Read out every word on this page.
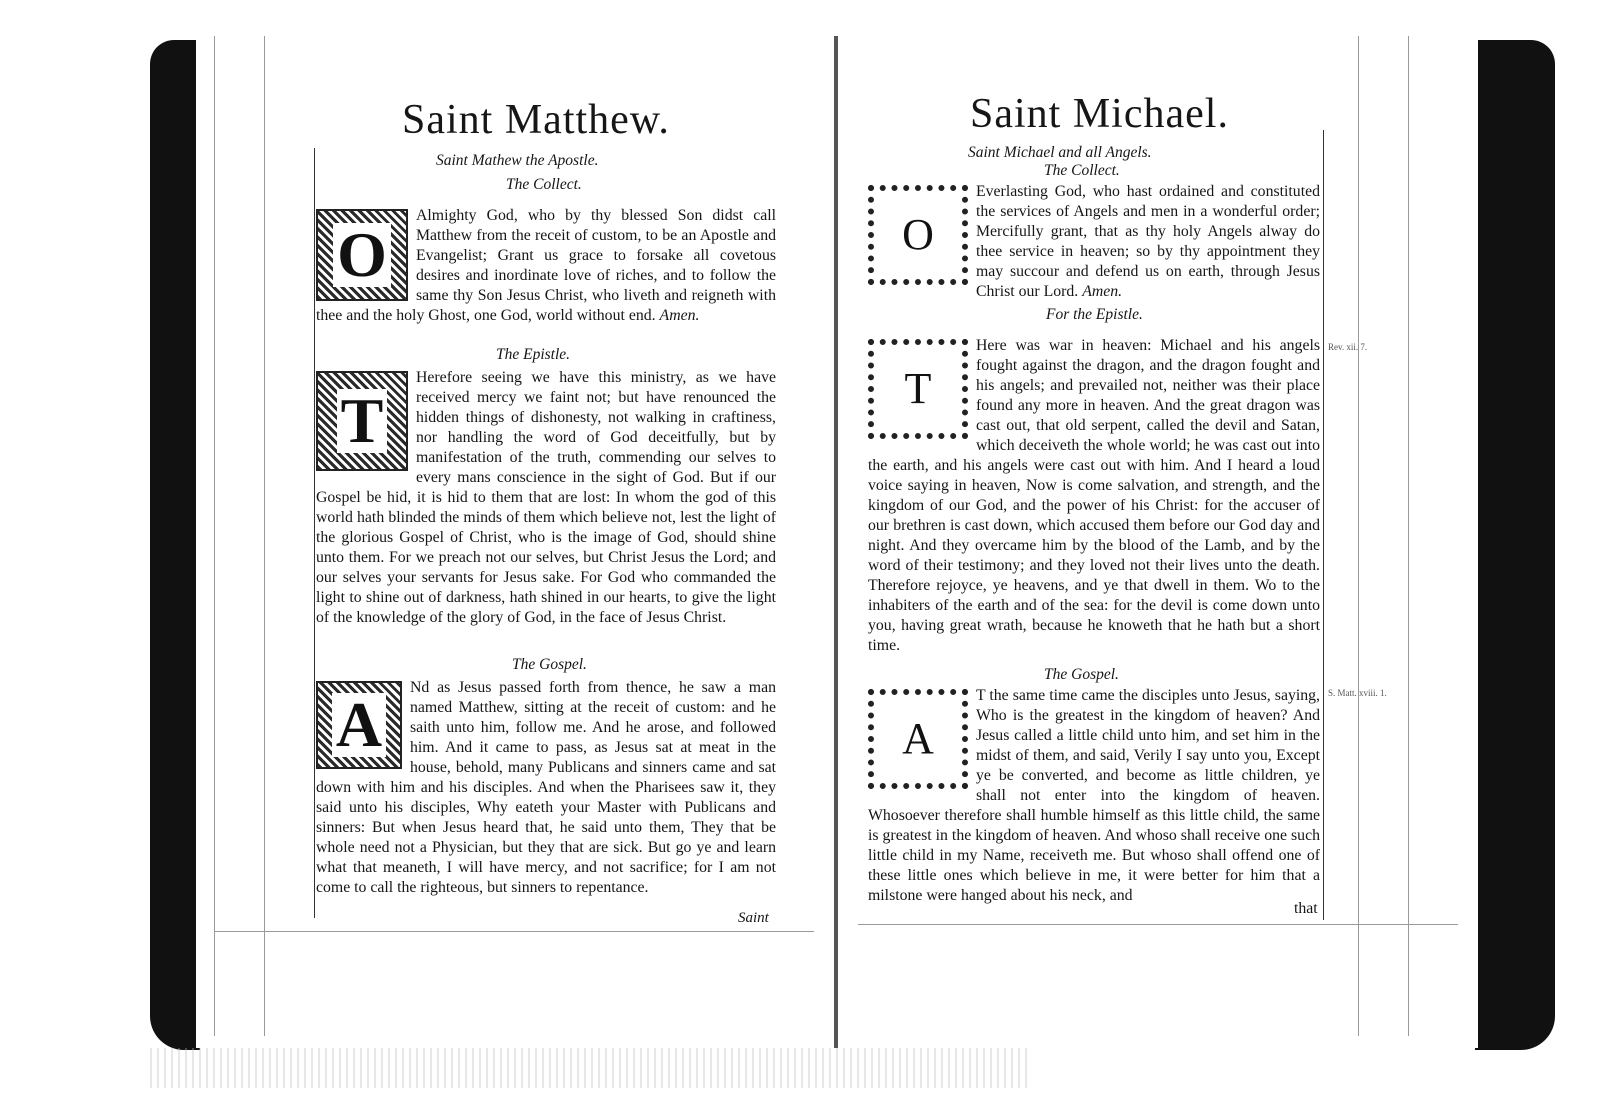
Saint Matthew.
Saint Mathew the Apostle.
The Collect.
O
Almighty God, who by thy blessed Son didst call Matthew from the receit of custom, to be an Apostle and Evangelist; Grant us grace to forsake all covetous desires and inordinate love of riches, and to follow the same thy Son Jesus Christ, who liveth and reigneth with thee and the holy Ghost, one God, world without end. Amen.
The Epistle.
T
Herefore seeing we have this ministry, as we have received mercy we faint not; but have renounced the hidden things of dishonesty, not walking in craftiness, nor handling the word of God deceitfully, but by manifestation of the truth, commending our selves to every mans conscience in the sight of God. But if our Gospel be hid, it is hid to them that are lost: In whom the god of this world hath blinded the minds of them which believe not, lest the light of the glorious Gospel of Christ, who is the image of God, should shine unto them. For we preach not our selves, but Christ Jesus the Lord; and our selves your servants for Jesus sake. For God who commanded the light to shine out of darkness, hath shined in our hearts, to give the light of the knowledge of the glory of God, in the face of Jesus Christ.
The Gospel.
A
Nd as Jesus passed forth from thence, he saw a man named Matthew, sitting at the receit of custom: and he saith unto him, follow me. And he arose, and followed him. And it came to pass, as Jesus sat at meat in the house, behold, many Publicans and sinners came and sat down with him and his disciples. And when the Pharisees saw it, they said unto his disciples, Why eateth your Master with Publicans and sinners: But when Jesus heard that, he said unto them, They that be whole need not a Physician, but they that are sick. But go ye and learn what that meaneth, I will have mercy, and not sacrifice; for I am not come to call the righteous, but sinners to repentance.
Saint
Saint Michael.
Saint Michael and all Angels.
The Collect.
O
Everlasting God, who hast ordained and constituted the services of Angels and men in a wonderful order; Mercifully grant, that as thy holy Angels alway do thee service in heaven; so by thy appointment they may succour and defend us on earth, through Jesus Christ our Lord. Amen.
For the Epistle.
T
Here was war in heaven: Michael and his angels fought against the dragon, and the dragon fought and his angels; and prevailed not, neither was their place found any more in heaven. And the great dragon was cast out, that old serpent, called the devil and Satan, which deceiveth the whole world; he was cast out into the earth, and his angels were cast out with him. And I heard a loud voice saying in heaven, Now is come salvation, and strength, and the kingdom of our God, and the power of his Christ: for the accuser of our brethren is cast down, which accused them before our God day and night. And they overcame him by the blood of the Lamb, and by the word of their testimony; and they loved not their lives unto the death. Therefore rejoyce, ye heavens, and ye that dwell in them. Wo to the inhabiters of the earth and of the sea: for the devil is come down unto you, having great wrath, because he knoweth that he hath but a short time.
Rev. xii. 7.
The Gospel.
A
T the same time came the disciples unto Jesus, saying, Who is the greatest in the kingdom of heaven? And Jesus called a little child unto him, and set him in the midst of them, and said, Verily I say unto you, Except ye be converted, and become as little children, ye shall not enter into the kingdom of heaven. Whosoever therefore shall humble himself as this little child, the same is greatest in the kingdom of heaven. And whoso shall receive one such little child in my Name, receiveth me. But whoso shall offend one of these little ones which believe in me, it were better for him that a milstone were hanged about his neck, and
S. Matt. xviii. 1.
that
